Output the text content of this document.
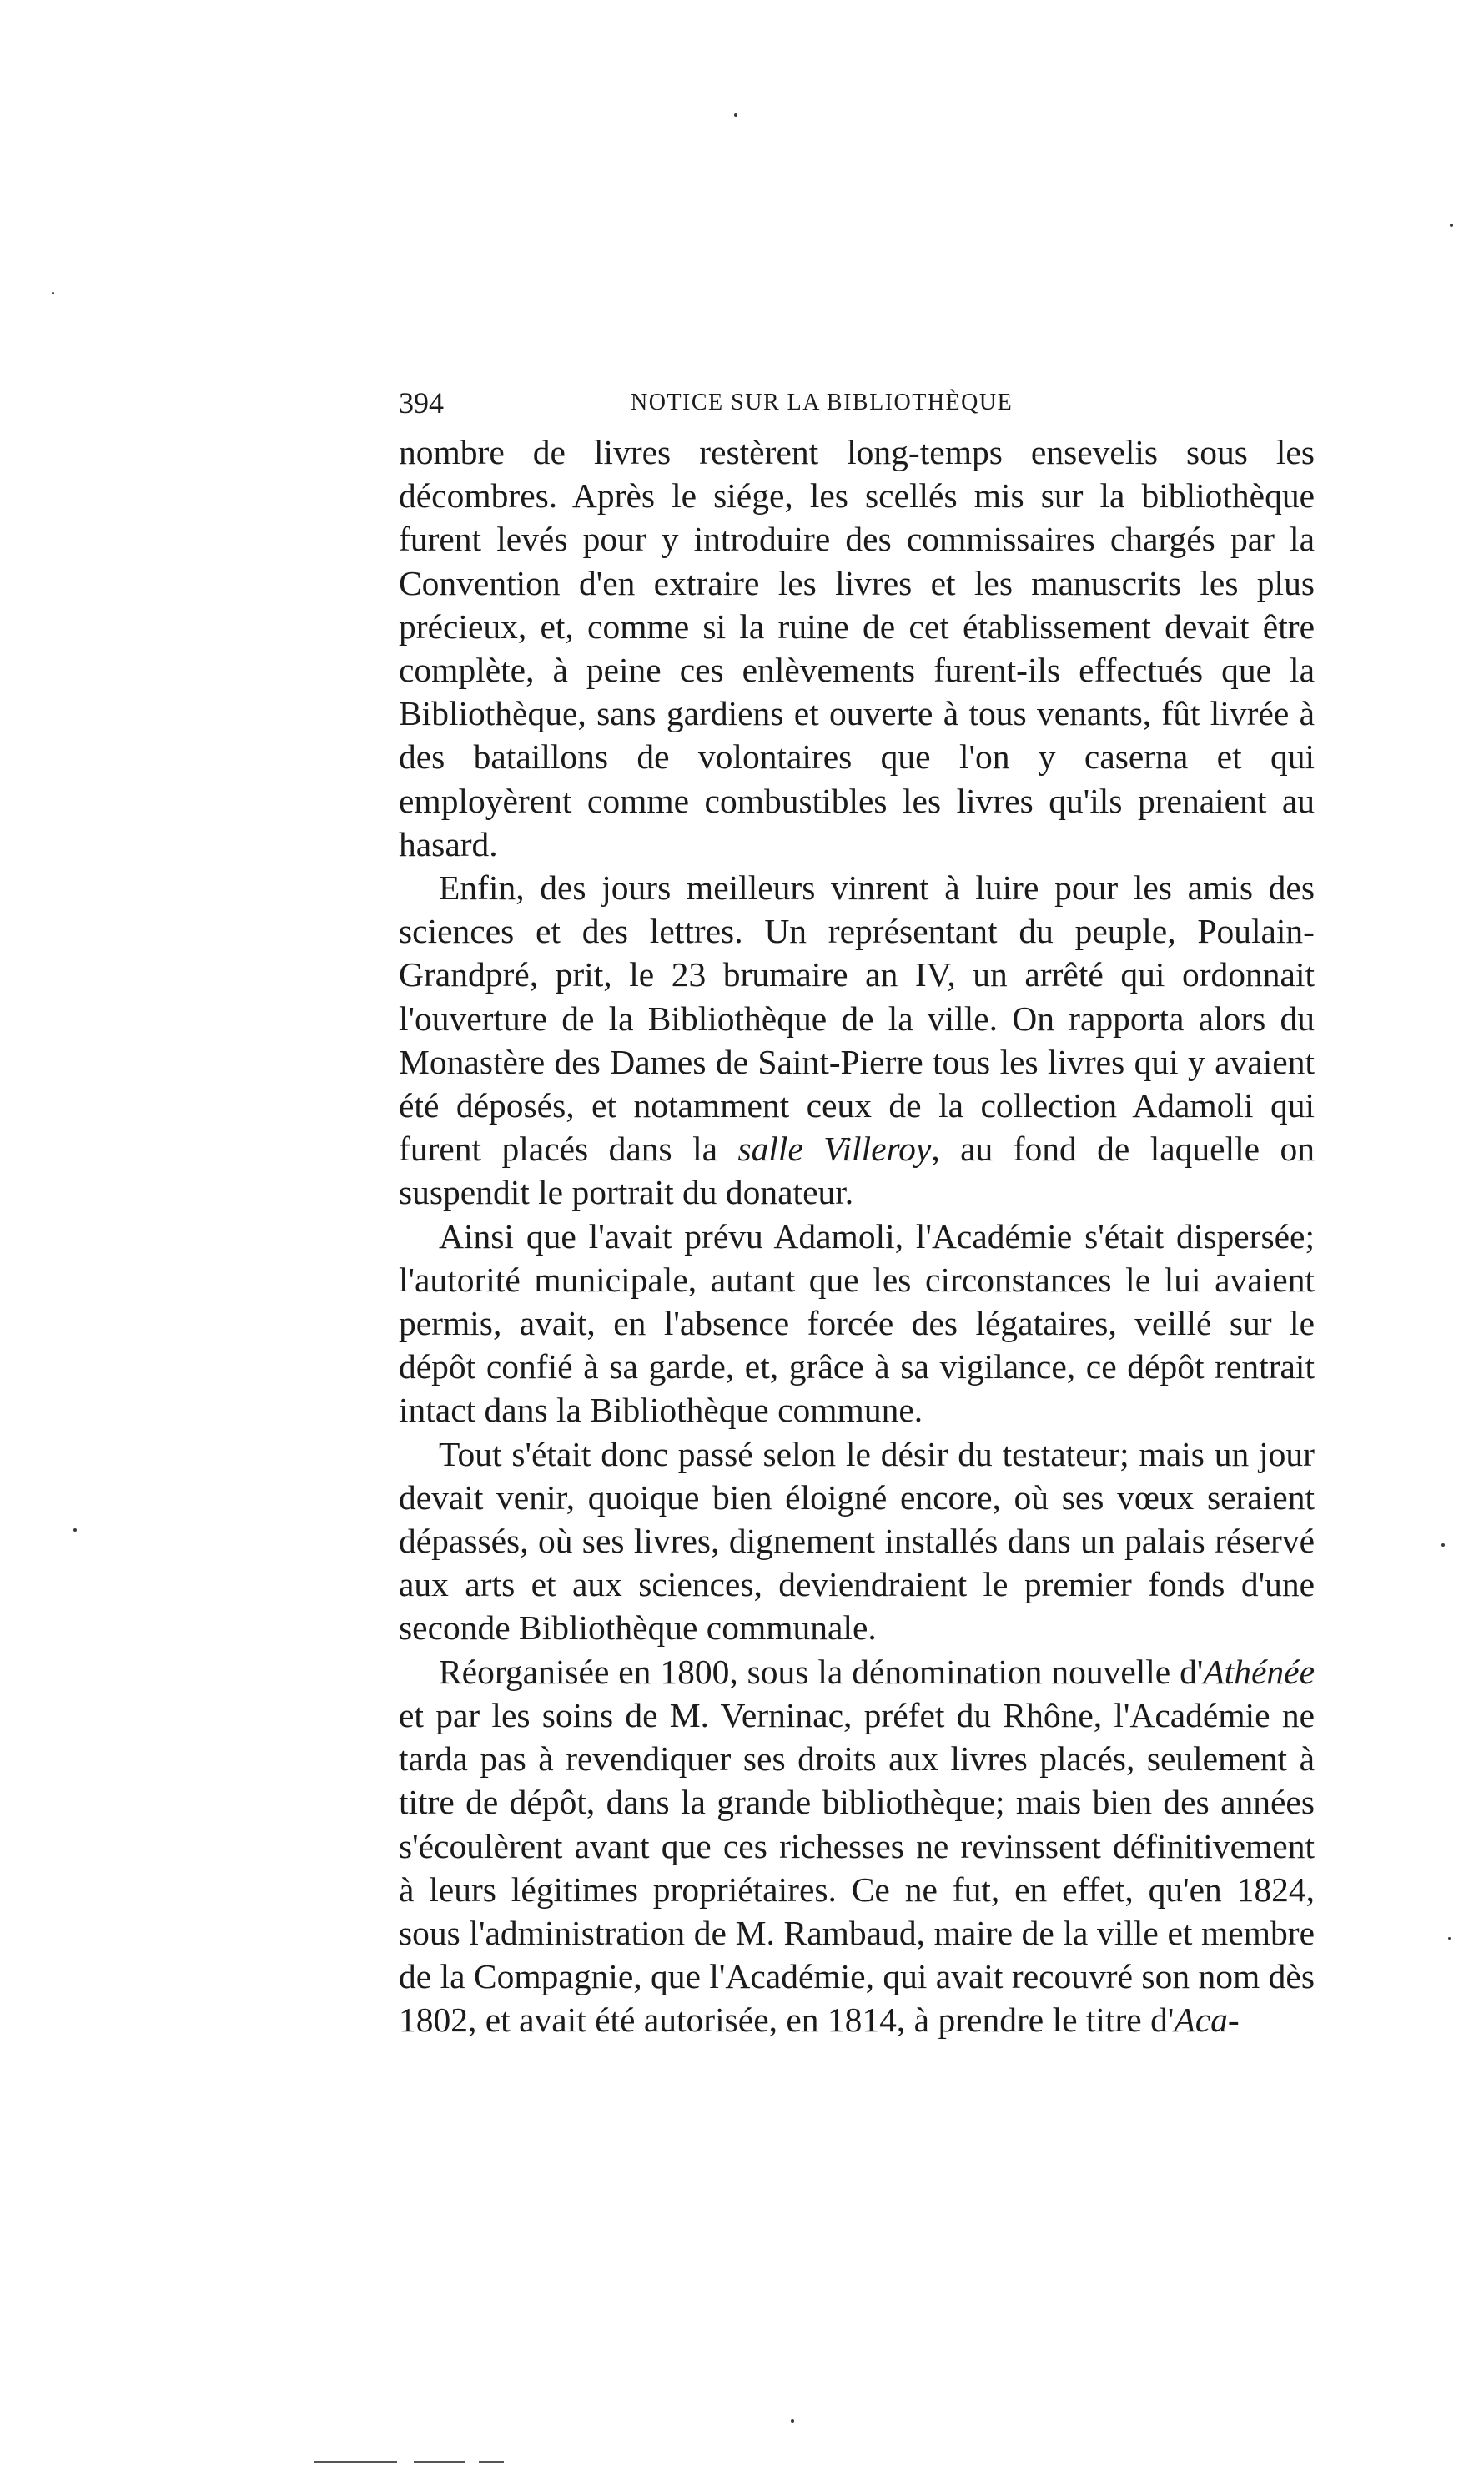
394	NOTICE SUR LA BIBLIOTHÈQUE

nombre de livres restèrent long-temps ensevelis sous les décombres. Après le siége, les scellés mis sur la bibliothèque furent levés pour y introduire des commissaires chargés par la Convention d'en extraire les livres et les manuscrits les plus précieux, et, comme si la ruine de cet établissement devait être complète, à peine ces enlèvements furent-ils effectués que la Bibliothèque, sans gardiens et ouverte à tous venants, fût livrée à des bataillons de volontaires que l'on y caserna et qui employèrent comme combustibles les livres qu'ils prenaient au hasard.

Enfin, des jours meilleurs vinrent à luire pour les amis des sciences et des lettres. Un représentant du peuple, Poulain-Grandpré, prit, le 23 brumaire an IV, un arrêté qui ordonnait l'ouverture de la Bibliothèque de la ville. On rapporta alors du Monastère des Dames de Saint-Pierre tous les livres qui y avaient été déposés, et notamment ceux de la collection Adamoli qui furent placés dans la salle Villeroy, au fond de laquelle on suspendit le portrait du donateur.

Ainsi que l'avait prévu Adamoli, l'Académie s'était dispersée; l'autorité municipale, autant que les circonstances le lui avaient permis, avait, en l'absence forcée des légataires, veillé sur le dépôt confié à sa garde, et, grâce à sa vigilance, ce dépôt rentrait intact dans la Bibliothèque commune.

Tout s'était donc passé selon le désir du testateur; mais un jour devait venir, quoique bien éloigné encore, où ses vœux seraient dépassés, où ses livres, dignement installés dans un palais réservé aux arts et aux sciences, deviendraient le premier fonds d'une seconde Bibliothèque communale.

Réorganisée en 1800, sous la dénomination nouvelle d'Athénée et par les soins de M. Verninac, préfet du Rhône, l'Académie ne tarda pas à revendiquer ses droits aux livres placés, seulement à titre de dépôt, dans la grande bibliothèque; mais bien des années s'écoulèrent avant que ces richesses ne revinssent définitivement à leurs légitimes propriétaires. Ce ne fut, en effet, qu'en 1824, sous l'administration de M. Rambaud, maire de la ville et membre de la Compagnie, que l'Académie, qui avait recouvré son nom dès 1802, et avait été autorisée, en 1814, à prendre le titre d'Aca-
